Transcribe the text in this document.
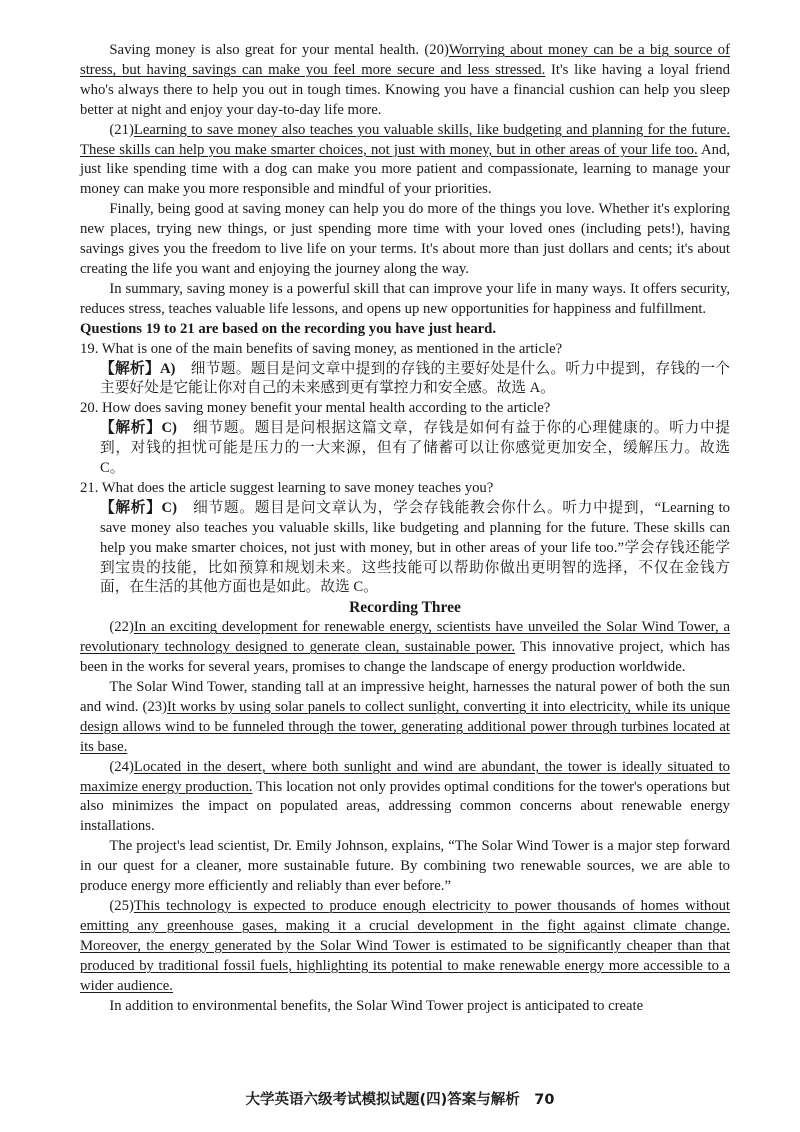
Saving money is also great for your mental health. (20)Worrying about money can be a big source of stress, but having savings can make you feel more secure and less stressed. It's like having a loyal friend who's always there to help you out in tough times. Knowing you have a financial cushion can help you sleep better at night and enjoy your day-to-day life more.

(21)Learning to save money also teaches you valuable skills, like budgeting and planning for the future. These skills can help you make smarter choices, not just with money, but in other areas of your life too. And, just like spending time with a dog can make you more patient and compassionate, learning to manage your money can make you more responsible and mindful of your priorities.

Finally, being good at saving money can help you do more of the things you love. Whether it's exploring new places, trying new things, or just spending more time with your loved ones (including pets!), having savings gives you the freedom to live life on your terms. It's about more than just dollars and cents; it's about creating the life you want and enjoying the journey along the way.

In summary, saving money is a powerful skill that can improve your life in many ways. It offers security, reduces stress, teaches valuable life lessons, and opens up new opportunities for happiness and fulfillment.

Questions 19 to 21 are based on the recording you have just heard.

19. What is one of the main benefits of saving money, as mentioned in the article?

【解析】A)　细节题。题目是问文章中提到的存钱的主要好处是什么。听力中提到，存钱的一个主要好处是它能让你对自己的未来感到更有掌控力和安全感。故选 A。

20. How does saving money benefit your mental health according to the article?

【解析】C)　细节题。题目是问根据这篇文章，存钱是如何有益于你的心理健康的。听力中提到，对钱的担忧可能是压力的一大来源，但有了储蓄可以让你感觉更加安全，缓解压力。故选 C。

21. What does the article suggest learning to save money teaches you?

【解析】C)　细节题。题目是问文章认为，学会存钱能教会你什么。听力中提到，“Learning to save money also teaches you valuable skills, like budgeting and planning for the future. These skills can help you make smarter choices, not just with money, but in other areas of your life too.”学会存钱还能学到宝贵的技能，比如预算和规划未来。这些技能可以帮助你做出更明智的选择，不仅在金钱方面，在生活的其他方面也是如此。故选 C。

Recording Three

(22)In an exciting development for renewable energy, scientists have unveiled the Solar Wind Tower, a revolutionary technology designed to generate clean, sustainable power. This innovative project, which has been in the works for several years, promises to change the landscape of energy production worldwide.

The Solar Wind Tower, standing tall at an impressive height, harnesses the natural power of both the sun and wind. (23)It works by using solar panels to collect sunlight, converting it into electricity, while its unique design allows wind to be funneled through the tower, generating additional power through turbines located at its base.

(24)Located in the desert, where both sunlight and wind are abundant, the tower is ideally situated to maximize energy production. This location not only provides optimal conditions for the tower's operations but also minimizes the impact on populated areas, addressing common concerns about renewable energy installations.

The project's lead scientist, Dr. Emily Johnson, explains, “The Solar Wind Tower is a major step forward in our quest for a cleaner, more sustainable future. By combining two renewable sources, we are able to produce energy more efficiently and reliably than ever before.”

(25)This technology is expected to produce enough electricity to power thousands of homes without emitting any greenhouse gases, making it a crucial development in the fight against climate change. Moreover, the energy generated by the Solar Wind Tower is estimated to be significantly cheaper than that produced by traditional fossil fuels, highlighting its potential to make renewable energy more accessible to a wider audience.

In addition to environmental benefits, the Solar Wind Tower project is anticipated to create

大学英语六级考试模拟试题(四)答案与解析　70
